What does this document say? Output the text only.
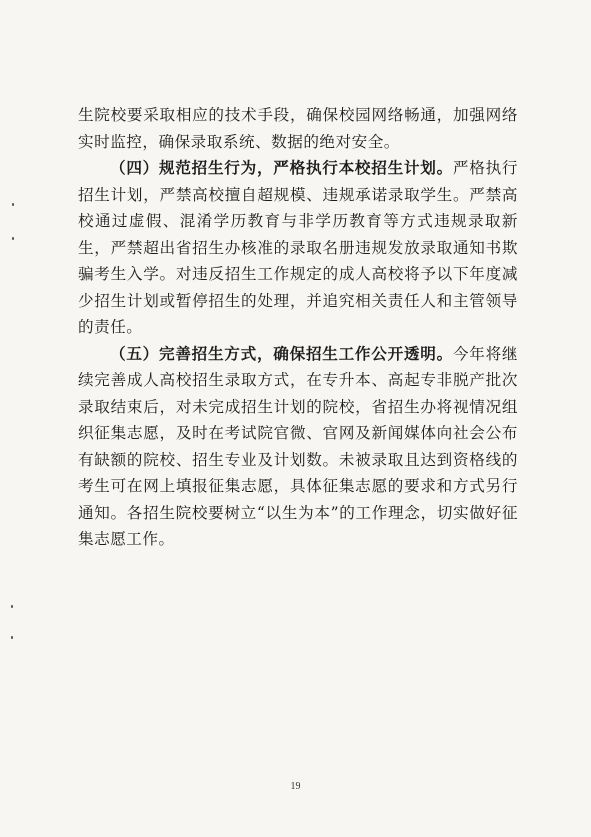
生院校要采取相应的技术手段，确保校园网络畅通，加强网络实时监控，确保录取系统、数据的绝对安全。

（四）规范招生行为，严格执行本校招生计划。严格执行招生计划，严禁高校擅自超规模、违规承诺录取学生。严禁高校通过虚假、混淆学历教育与非学历教育等方式违规录取新生，严禁超出省招生办核准的录取名册违规发放录取通知书欺骗考生入学。对违反招生工作规定的成人高校将予以下年度减少招生计划或暂停招生的处理，并追究相关责任人和主管领导的责任。

（五）完善招生方式，确保招生工作公开透明。今年将继续完善成人高校招生录取方式，在专升本、高起专非脱产批次录取结束后，对未完成招生计划的院校，省招生办将视情况组织征集志愿，及时在考试院官微、官网及新闻媒体向社会公布有缺额的院校、招生专业及计划数。未被录取且达到资格线的考生可在网上填报征集志愿，具体征集志愿的要求和方式另行通知。各招生院校要树立“以生为本”的工作理念，切实做好征集志愿工作。

19
